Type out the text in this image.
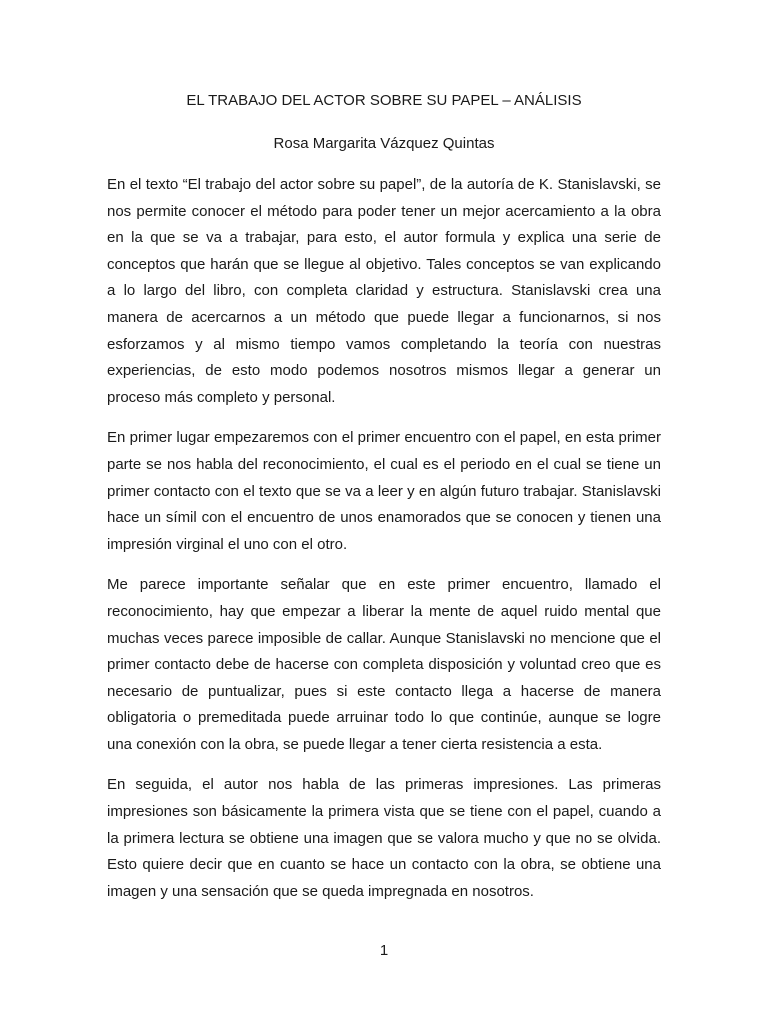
EL TRABAJO DEL ACTOR SOBRE SU PAPEL – ANÁLISIS
Rosa Margarita Vázquez Quintas

En el texto “El trabajo del actor sobre su papel”, de la autoría de K. Stanislavski, se nos permite conocer el método para poder tener un mejor acercamiento a la obra en la que se va a trabajar, para esto, el autor formula y explica una serie de conceptos que harán que se llegue al objetivo. Tales conceptos se van explicando a lo largo del libro, con completa claridad y estructura. Stanislavski crea una manera de acercarnos a un método que puede llegar a funcionarnos, si nos esforzamos y al mismo tiempo vamos completando la teoría con nuestras experiencias, de esto modo podemos nosotros mismos llegar a generar un proceso más completo y personal.

En primer lugar empezaremos con el primer encuentro con el papel, en esta primer parte se nos habla del reconocimiento, el cual es el periodo en el cual se tiene un primer contacto con el texto que se va a leer y en algún futuro trabajar. Stanislavski hace un símil con el encuentro de unos enamorados que se conocen y tienen una impresión virginal el uno con el otro.

Me parece importante señalar que en este primer encuentro, llamado el reconocimiento, hay que empezar a liberar la mente de aquel ruido mental que muchas veces parece imposible de callar. Aunque Stanislavski no mencione que el primer contacto debe de hacerse con completa disposición y voluntad creo que es necesario de puntualizar, pues si este contacto llega a hacerse de manera obligatoria o premeditada puede arruinar todo lo que continúe, aunque se logre una conexión con la obra, se puede llegar a tener cierta resistencia a esta.

En seguida, el autor nos habla de las primeras impresiones. Las primeras impresiones son básicamente la primera vista que se tiene con el papel, cuando a la primera lectura se obtiene una imagen que se valora mucho y que no se olvida. Esto quiere decir que en cuanto se hace un contacto con la obra, se obtiene una imagen y una sensación que se queda impregnada en nosotros.

1
